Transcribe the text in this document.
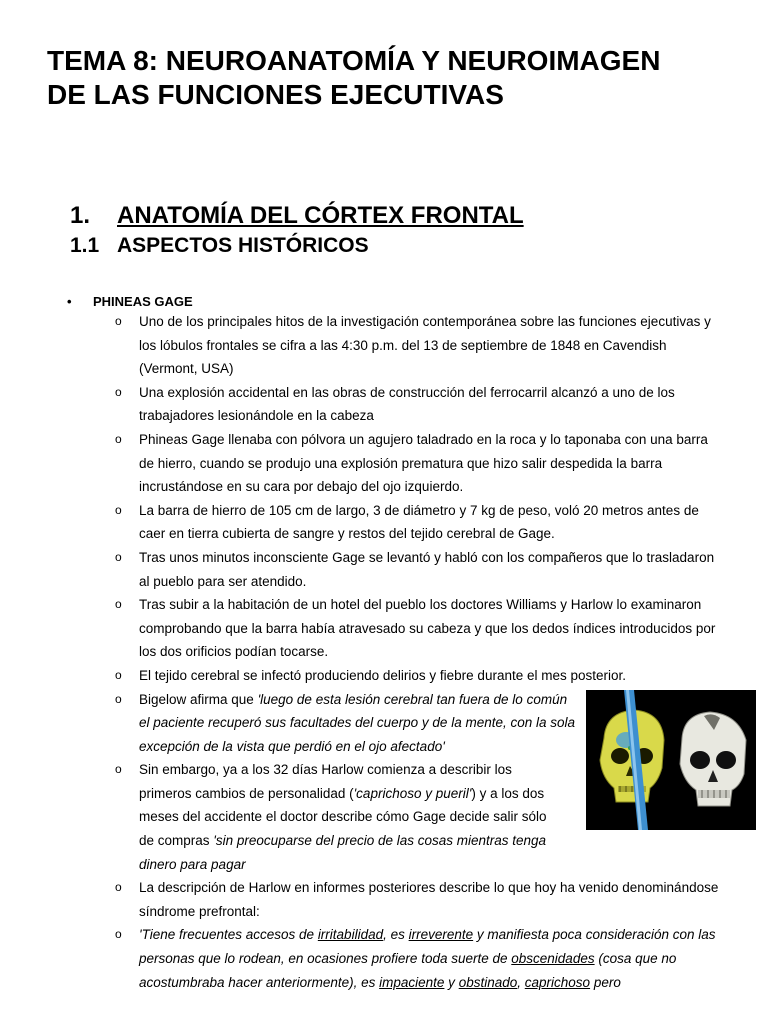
TEMA 8: NEUROANATOMÍA Y NEUROIMAGEN DE LAS FUNCIONES EJECUTIVAS
1. ANATOMÍA DEL CÓRTEX FRONTAL
1.1 ASPECTOS HISTÓRICOS
• PHINEAS GAGE
o Uno de los principales hitos de la investigación contemporánea sobre las funciones ejecutivas y los lóbulos frontales se cifra a las 4:30 p.m. del 13 de septiembre de 1848 en Cavendish (Vermont, USA)
o Una explosión accidental en las obras de construcción del ferrocarril alcanzó a uno de los trabajadores lesionándole en la cabeza
o Phineas Gage llenaba con pólvora un agujero taladrado en la roca y lo taponaba con una barra de hierro, cuando se produjo una explosión prematura que hizo salir despedida la barra incrustándose en su cara por debajo del ojo izquierdo.
o La barra de hierro de 105 cm de largo, 3 de diámetro y 7 kg de peso, voló 20 metros antes de caer en tierra cubierta de sangre y restos del tejido cerebral de Gage.
o Tras unos minutos inconsciente Gage se levantó y habló con los compañeros que lo trasladaron al pueblo para ser atendido.
o Tras subir a la habitación de un hotel del pueblo los doctores Williams y Harlow lo examinaron comprobando que la barra había atravesado su cabeza y que los dedos índices introducidos por los dos orificios podían tocarse.
o El tejido cerebral se infectó produciendo delirios y fiebre durante el mes posterior.
o Bigelow afirma que 'luego de esta lesión cerebral tan fuera de lo común el paciente recuperó sus facultades del cuerpo y de la mente, con la sola excepción de la vista que perdió en el ojo afectado'
o Sin embargo, ya a los 32 días Harlow comienza a describir los primeros cambios de personalidad ('caprichoso y pueril') y a los dos meses del accidente el doctor describe cómo Gage decide salir sólo de compras 'sin preocuparse del precio de las cosas mientras tenga dinero para pagar
o La descripción de Harlow en informes posteriores describe lo que hoy ha venido denominándose síndrome prefrontal:
o 'Tiene frecuentes accesos de irritabilidad, es irreverente y manifiesta poca consideración con las personas que lo rodean, en ocasiones profiere toda suerte de obscenidades (cosa que no acostumbraba hacer anteriormente), es impaciente y obstinado, caprichoso pero
